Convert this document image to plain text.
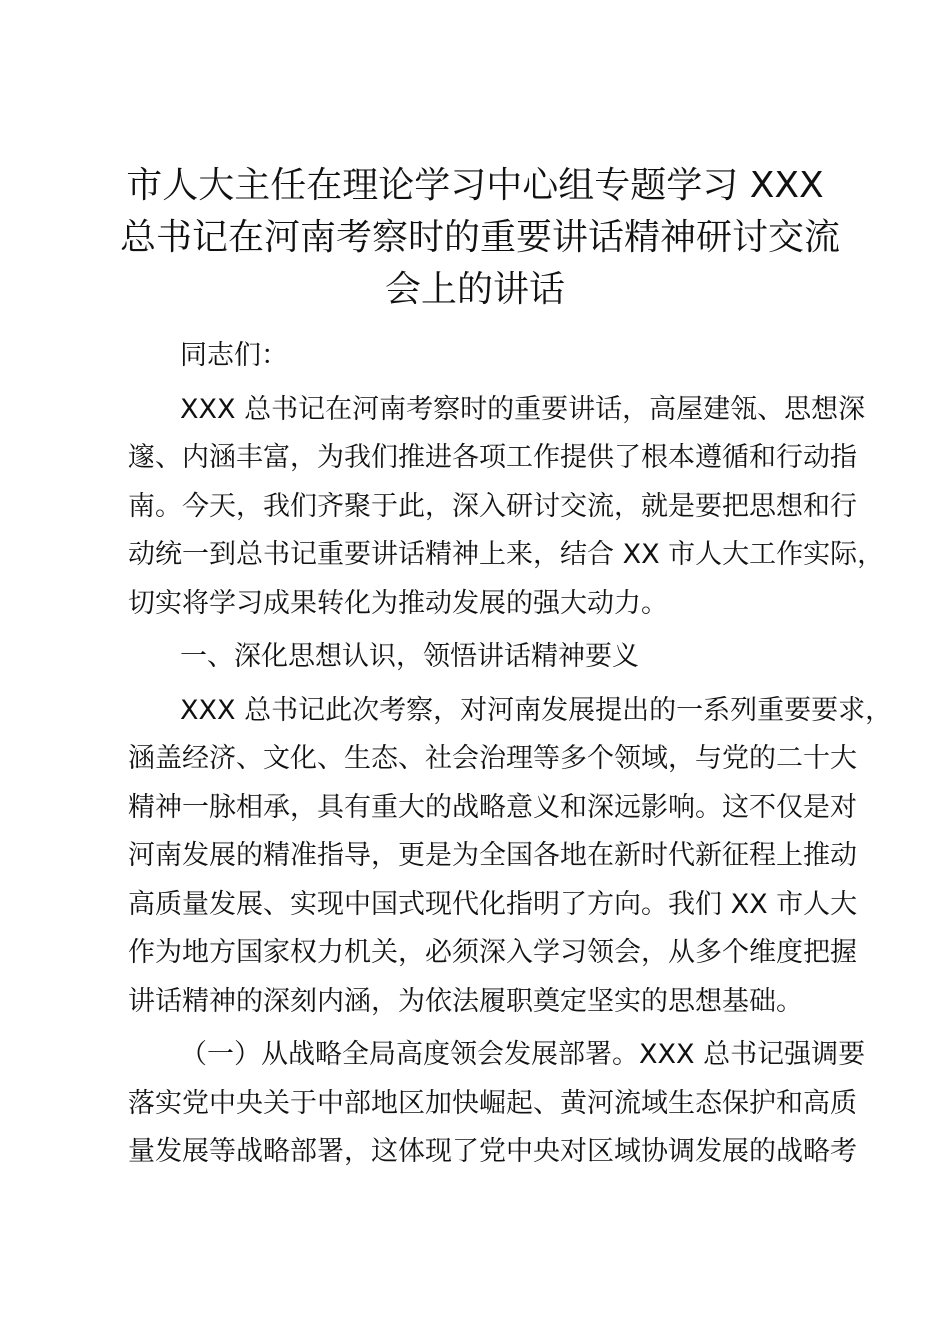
市人大主任在理论学习中心组专题学习 XXX
总书记在河南考察时的重要讲话精神研讨交流
会上的讲话

同志们：

XXX 总书记在河南考察时的重要讲话，高屋建瓴、思想深
邃、内涵丰富，为我们推进各项工作提供了根本遵循和行动指
南。今天，我们齐聚于此，深入研讨交流，就是要把思想和行
动统一到总书记重要讲话精神上来，结合 XX 市人大工作实际，
切实将学习成果转化为推动发展的强大动力。

一、深化思想认识，领悟讲话精神要义

XXX 总书记此次考察，对河南发展提出的一系列重要要求，
涵盖经济、文化、生态、社会治理等多个领域，与党的二十大
精神一脉相承，具有重大的战略意义和深远影响。这不仅是对
河南发展的精准指导，更是为全国各地在新时代新征程上推动
高质量发展、实现中国式现代化指明了方向。我们 XX 市人大
作为地方国家权力机关，必须深入学习领会，从多个维度把握
讲话精神的深刻内涵，为依法履职奠定坚实的思想基础。

（一）从战略全局高度领会发展部署。XXX 总书记强调要
落实党中央关于中部地区加快崛起、黄河流域生态保护和高质
量发展等战略部署，这体现了党中央对区域协调发展的战略考
